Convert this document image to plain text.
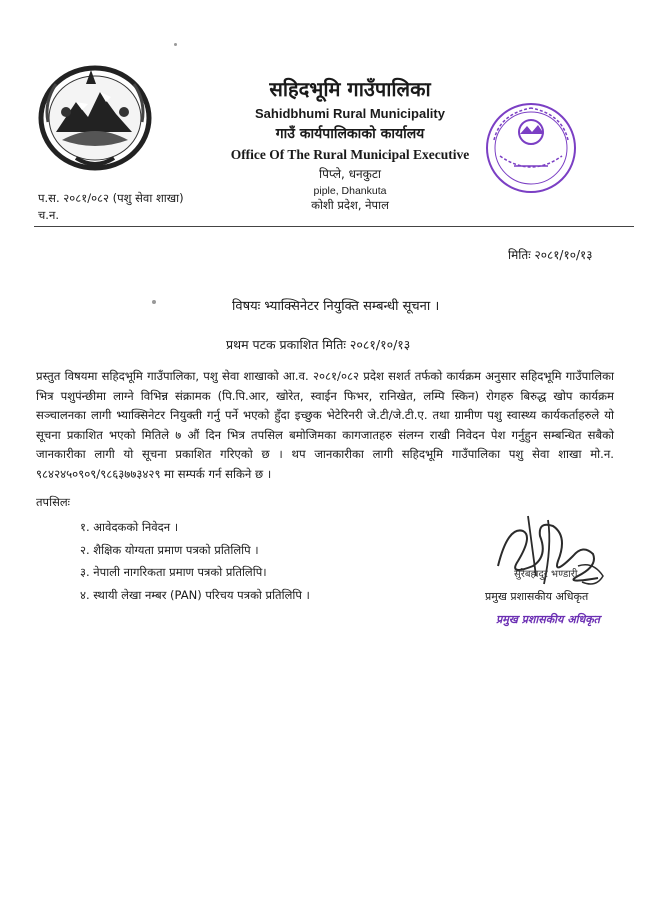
सहिदभूमि गाउँपालिका
Sahidbhumi Rural Municipality
गाउँ कार्यपालिकाको कार्यालय
Office Of The Rural Municipal Executive
पिप्ले, धनकुटा
piple, Dhankuta
कोशी प्रदेश, नेपाल
प.स. २०८१/०८२ (पशु सेवा शाखा)
च.न.
मितिः २०८१/१०/१३
विषयः भ्याक्सिनेटर नियुक्ति सम्बन्धी सूचना ।
प्रथम पटक प्रकाशित मितिः २०८१/१०/१३
प्रस्तुत विषयमा सहिदभूमि गाउँपालिका, पशु सेवा शाखाको आ.व. २०८१/०८२ प्रदेश सशर्त तर्फको कार्यक्रम अनुसार सहिदभूमि गाउँपालिका भित्र पशुपंन्छीमा लाग्ने विभिन्न संक्रामक (पि.पि.आर, खोरेत, स्वाईन फिभर, रानिखेत, लम्पि स्किन) रोगहरु बिरुद्ध खोप कार्यक्रम सञ्चालनका लागी भ्याक्सिनेटर नियुक्ती गर्नु पर्ने भएको हुँदा इच्छुक भेटेरिनरी जे.टी/जे.टी.ए. तथा ग्रामीण पशु स्वास्थ्य कार्यकर्ताहरुले यो सूचना प्रकाशित भएको मितिले ७ औं दिन भित्र तपसिल बमोजिमका कागजातहरु संलग्न राखी निवेदन पेश गर्नुहुन सम्बन्धित सबैको जानकारीका लागी यो सूचना प्रकाशित गरिएको छ । थप जानकारीका लागी सहिदभूमि गाउँपालिका पशु सेवा शाखा मो.न. ९८४२४५०९०९/९८६३७७३४२९ मा सम्पर्क गर्न सकिने छ ।
तपसिलः
१. आवेदकको निवेदन ।
२. शैक्षिक योग्यता प्रमाण पत्रको प्रतिलिपि ।
३. नेपाली नागरिकता प्रमाण पत्रको प्रतिलिपि।
४. स्थायी लेखा नम्बर (PAN) परिचय पत्रको प्रतिलिपि ।
सुरेबहादुर भण्डारी
प्रमुख प्रशासकीय अधिकृत
प्रमुख प्रशासकीय अधिकृत
